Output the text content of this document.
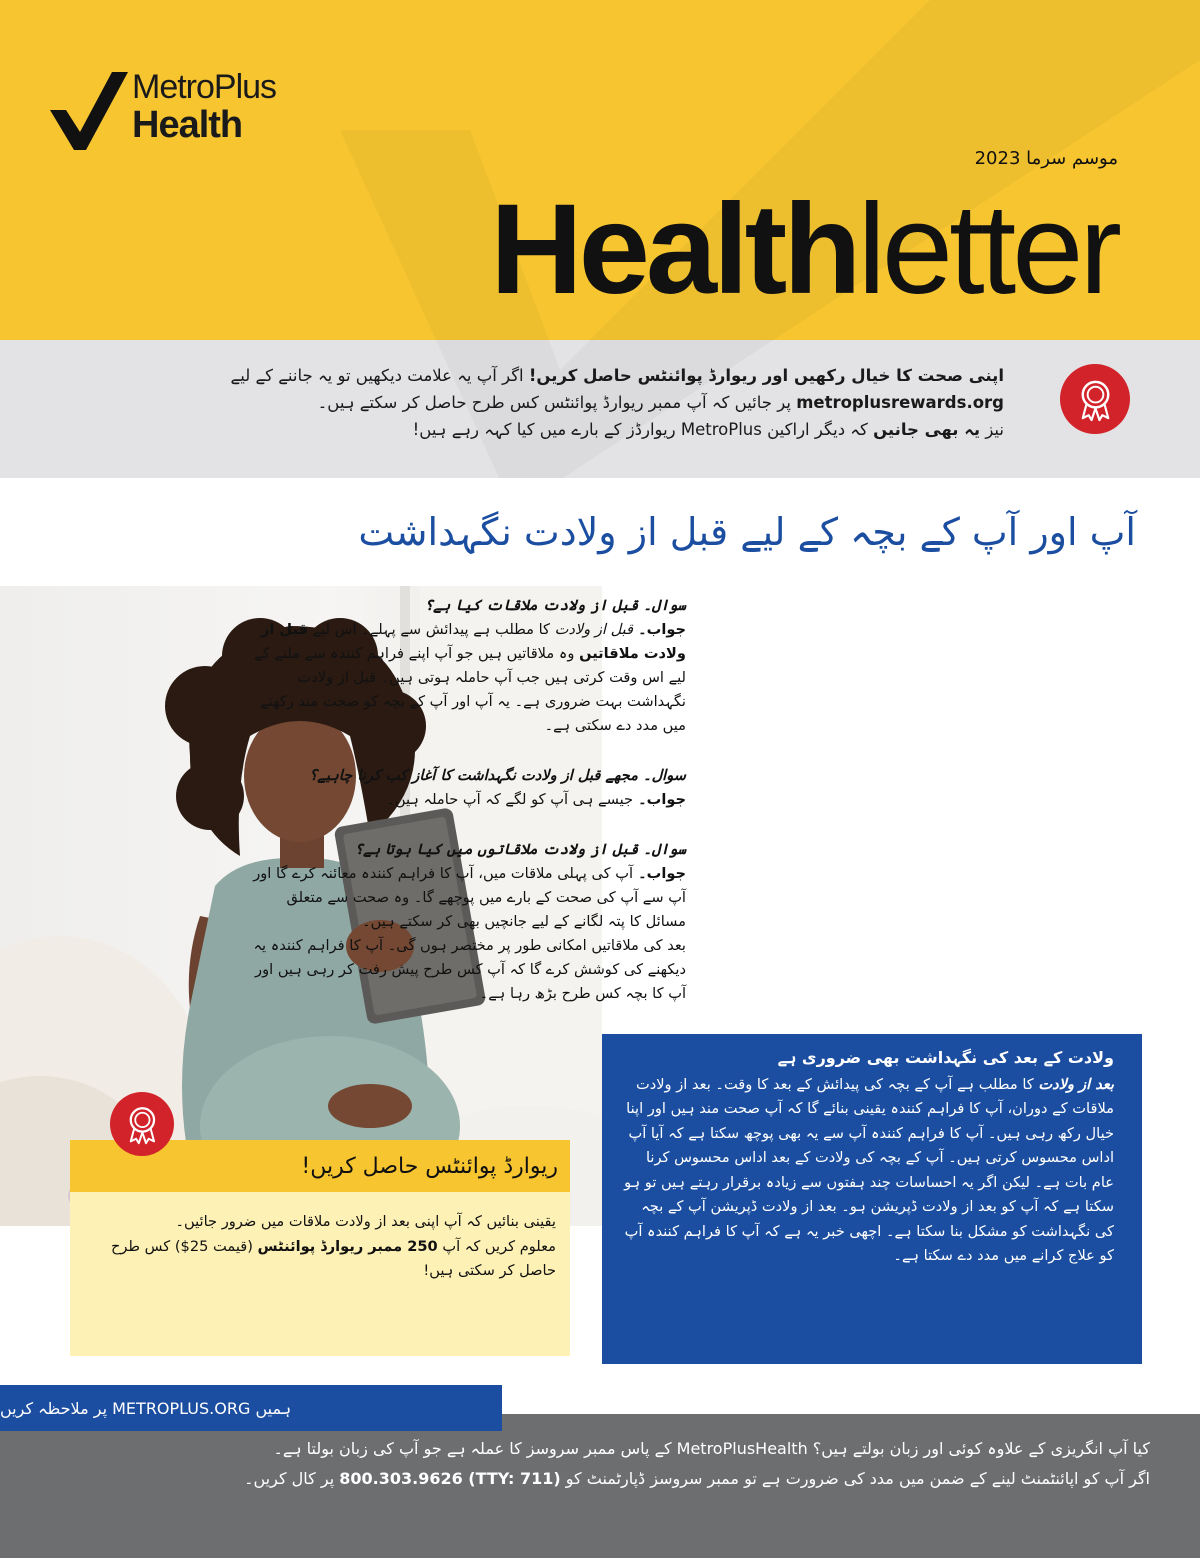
MetroPlus
Health
موسم سرما 2023
Healthletter
اپنی صحت کا خیال رکھیں اور ریوارڈ پوائنٹس حاصل کریں! اگر آپ یہ علامت دیکھیں تو یہ جاننے کے لیے
metroplusrewards.org پر جائیں کہ آپ ممبر ریوارڈ پوائنٹس کس طرح حاصل کر سکتے ہیں۔
نیز یہ بھی جانیں کہ دیگر اراکین MetroPlus ریوارڈز کے بارے میں کیا کہہ رہے ہیں!
آپ اور آپ کے بچہ کے لیے قبل از ولادت نگہداشت
سوال۔ قبل از ولادت ملاقات کیا ہے؟
جواب۔ قبل از ولادت کا مطلب ہے پیدائش سے پہلے۔ اس لیے قبل از ولادت ملاقاتیں وہ ملاقاتیں ہیں جو آپ اپنے فراہم کنندہ سے ملنے کے لیے اس وقت کرتی ہیں جب آپ حاملہ ہوتی ہیں۔ قبل از ولادت نگہداشت بہت ضروری ہے۔ یہ آپ اور آپ کے بچہ کو صحت مند رکھنے میں مدد دے سکتی ہے۔
سوال۔ مجھے قبل از ولادت نگہداشت کا آغاز کب کرنا چاہیے؟
جواب۔ جیسے ہی آپ کو لگے کہ آپ حاملہ ہیں۔
سوال۔ قبل از ولادت ملاقاتوں میں کیا ہوتا ہے؟
جواب۔ آپ کی پہلی ملاقات میں، آپ کا فراہم کنندہ معائنہ کرے گا اور آپ سے آپ کی صحت کے بارے میں پوچھے گا۔ وہ صحت سے متعلق مسائل کا پتہ لگانے کے لیے جانچیں بھی کر سکتے ہیں۔
بعد کی ملاقاتیں امکانی طور پر مختصر ہوں گی۔ آپ کا فراہم کنندہ یہ دیکھنے کی کوشش کرے گا کہ آپ کس طرح پیش رفت کر رہی ہیں اور آپ کا بچہ کس طرح بڑھ رہا ہے۔
ولادت کے بعد کی نگہداشت بھی ضروری ہے
بعد از ولادت کا مطلب ہے آپ کے بچہ کی پیدائش کے بعد کا وقت۔ بعد از ولادت ملاقات کے دوران، آپ کا فراہم کنندہ یقینی بنائے گا کہ آپ صحت مند ہیں اور اپنا خیال رکھ رہی ہیں۔ آپ کا فراہم کنندہ آپ سے یہ بھی پوچھ سکتا ہے کہ آیا آپ اداس محسوس کرتی ہیں۔ آپ کے بچہ کی ولادت کے بعد اداس محسوس کرنا عام بات ہے۔ لیکن اگر یہ احساسات چند ہفتوں سے زیادہ برقرار رہتے ہیں تو ہو سکتا ہے کہ آپ کو بعد از ولادت ڈپریشن ہو۔ بعد از ولادت ڈپریشن آپ کے بچہ کی نگہداشت کو مشکل بنا سکتا ہے۔ اچھی خبر یہ ہے کہ آپ کا فراہم کنندہ آپ کو علاج کرانے میں مدد دے سکتا ہے۔
ریوارڈ پوائنٹس حاصل کریں!
یقینی بنائیں کہ آپ اپنی بعد از ولادت ملاقات میں ضرور جائیں۔
معلوم کریں کہ آپ 250 ممبر ریوارڈ پوائنٹس (قیمت 25$) کس طرح حاصل کر سکتی ہیں!
ہمیں METROPLUS.ORG پر ملاحظہ کریں
کیا آپ انگریزی کے علاوہ کوئی اور زبان بولتے ہیں؟ MetroPlusHealth کے پاس ممبر سروسز کا عملہ ہے جو آپ کی زبان بولتا ہے۔
اگر آپ کو اپائنٹمنٹ لینے کے ضمن میں مدد کی ضرورت ہے تو ممبر سروسز ڈپارٹمنٹ کو 800.303.9626 (TTY: 711) پر کال کریں۔
